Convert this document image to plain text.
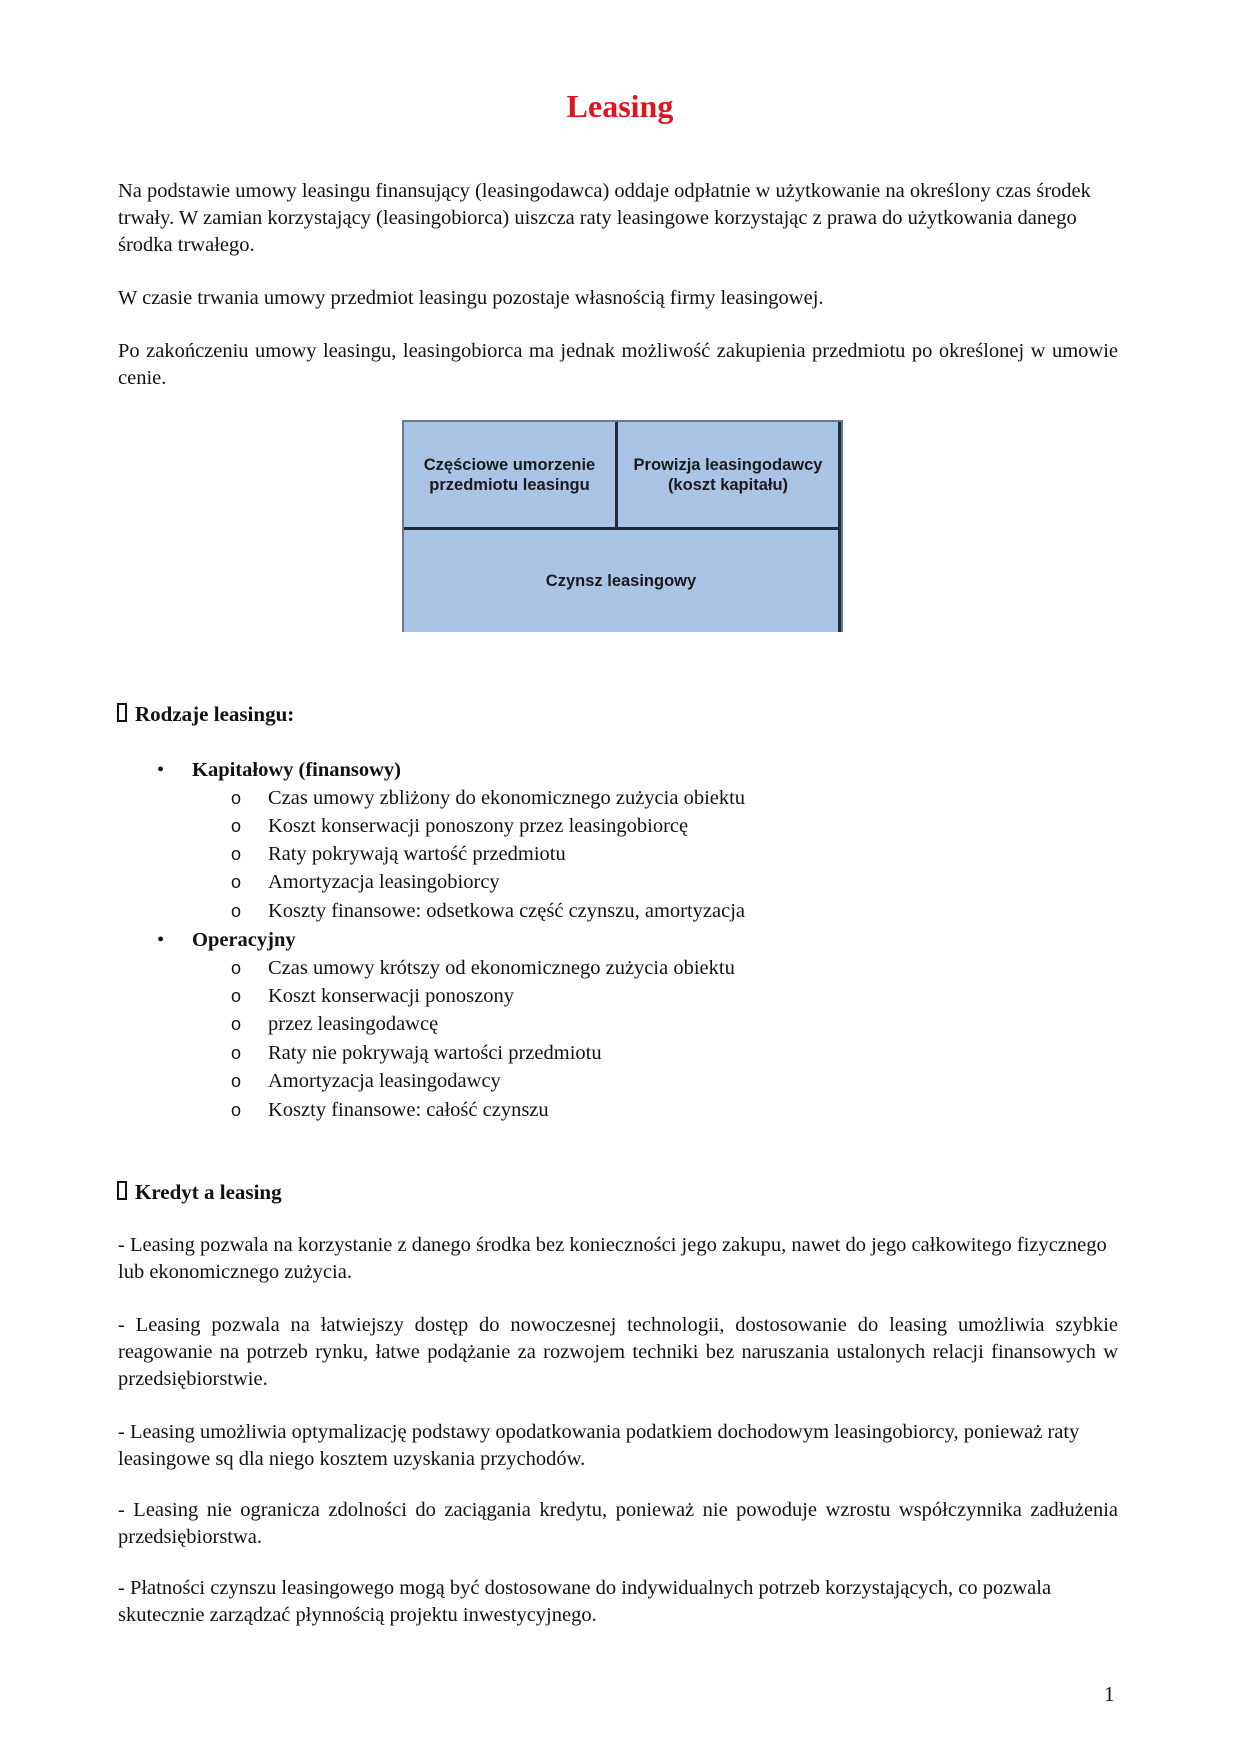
Leasing
Na podstawie umowy leasingu finansujący (leasingodawca) oddaje odpłatnie w użytkowanie na określony czas środek trwały. W zamian korzystający (leasingobiorca) uiszcza raty leasingowe korzystając z prawa do użytkowania danego środka trwałego.
W czasie trwania umowy przedmiot leasingu pozostaje własnością firmy leasingowej.
Po zakończeniu umowy leasingu, leasingobiorca ma jednak możliwość zakupienia przedmiotu po określonej w umowie cenie.
Częściowe umorzenie przedmiotu leasingu
Prowizja leasingodawcy (koszt kapitału)
Czynsz leasingowy
Rodzaje leasingu:
• Kapitałowy (finansowy)
o Czas umowy zbliżony do ekonomicznego zużycia obiektu
o Koszt konserwacji ponoszony przez leasingobiorcę
o Raty pokrywają wartość przedmiotu
o Amortyzacja leasingobiorcy
o Koszty finansowe: odsetkowa część czynszu, amortyzacja
• Operacyjny
o Czas umowy krótszy od ekonomicznego zużycia obiektu
o Koszt konserwacji ponoszony
o przez leasingodawcę
o Raty nie pokrywają wartości przedmiotu
o Amortyzacja leasingodawcy
o Koszty finansowe: całość czynszu
Kredyt a leasing
- Leasing pozwala na korzystanie z danego środka bez konieczności jego zakupu, nawet do jego całkowitego fizycznego lub ekonomicznego zużycia.
- Leasing pozwala na łatwiejszy dostęp do nowoczesnej technologii, dostosowanie do leasing umożliwia szybkie reagowanie na potrzeb rynku, łatwe podążanie za rozwojem techniki bez naruszania ustalonych relacji finansowych w przedsiębiorstwie.
- Leasing umożliwia optymalizację podstawy opodatkowania podatkiem dochodowym leasingobiorcy, ponieważ raty leasingowe sq dla niego kosztem uzyskania przychodów.
- Leasing nie ogranicza zdolności do zaciągania kredytu, ponieważ nie powoduje wzrostu współczynnika zadłużenia przedsiębiorstwa.
- Płatności czynszu leasingowego mogą być dostosowane do indywidualnych potrzeb korzystających, co pozwala skutecznie zarządzać płynnością projektu inwestycyjnego.
1
